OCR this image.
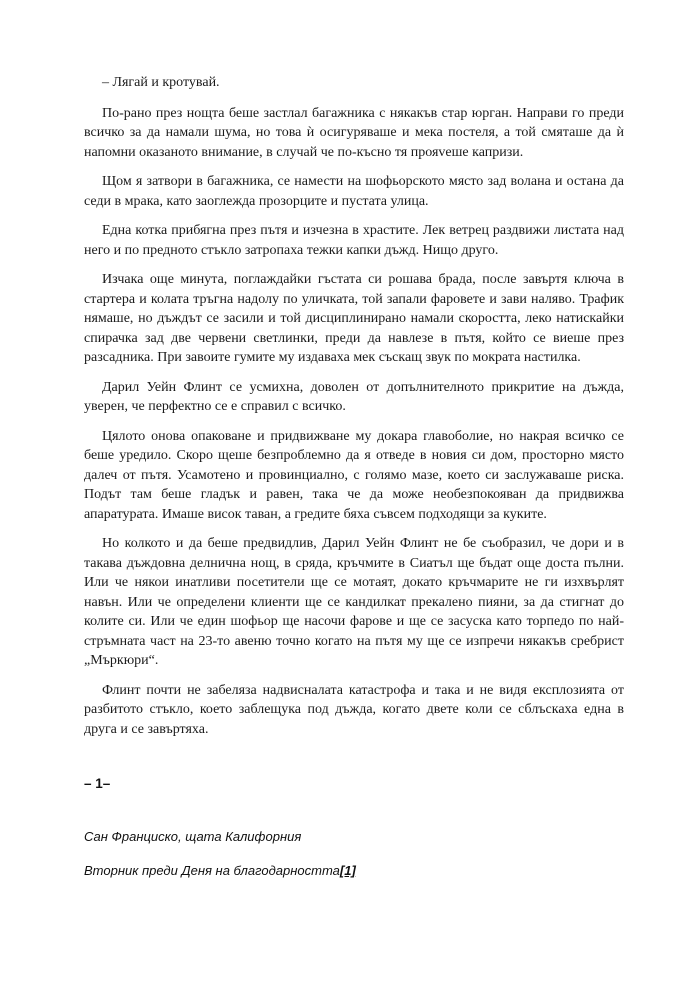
– Лягай и кротувай.

По-рано през нощта беше застлал багажника с някакъв стар юрган. Направи го преди всичко за да намали шума, но това ѝ осигуряваше и мека постеля, а той смяташе да ѝ напомни оказаното внимание, в случай че по-късно тя прояveше капризи.

Щом я затвори в багажника, се намести на шофьорското място зад волана и остана да седи в мрака, като заоглежда прозорците и пустата улица.

Една котка прибягна през пътя и изчезна в храстите. Лек ветрец раздвижи листата над него и по предното стъкло затропаха тежки капки дъжд. Нищо друго.

Изчака още минута, поглаждайки гъстата си рошава брада, после завъртя ключа в стартера и колата тръгна надолу по уличката, той запали фаровете и зави наляво. Трафик нямаше, но дъждът се засили и той дисциплинирано намали скоростта, леко натискайки спирачка зад две червени светлинки, преди да навлезе в пътя, който се виеше през разсадника. При завоите гумите му издаваха мек съскащ звук по мократа настилка.

Дарил Уейн Флинт се усмихна, доволен от допълнителното прикритие на дъжда, уверен, че перфектно се е справил с всичко.

Цялото онова опаковане и придвижване му докара главоболие, но накрая всичко се беше уредило. Скоро щеше безпроблемно да я отведе в новия си дом, просторно място далеч от пътя. Усамотено и провинциално, с голямо мазе, което си заслужаваше риска. Подът там беше гладък и равен, така че да може необезпокояван да придвижва апаратурата. Имаше висок таван, а гредите бяха съвсем подходящи за куките.

Но колкото и да беше предвидлив, Дарил Уейн Флинт не бе съобразил, че дори и в такава дъждовна делнична нощ, в сряда, кръчмите в Сиатъл ще бъдат още доста пълни. Или че някои инатливи посетители ще се мотаят, докато кръчмарите не ги изхвърлят навън. Или че определени клиенти ще се кандилкат прекалено пияни, за да стигнат до колите си. Или че един шофьор ще насочи фарове и ще се засуска като торпедо по най-стръмната част на 23-то авеню точно когато на пътя му ще се изпречи някакъв сребрист „Мъркюри“.

Флинт почти не забеляза надвисналата катастрофа и така и не видя експлозията от разбитото стъкло, което заблещука под дъжда, когато двете коли се сблъскаха една в друга и се завъртяха.

– 1–
Сан Франциско, щата Калифорния
Вторник преди Деня на благодарността[1]
